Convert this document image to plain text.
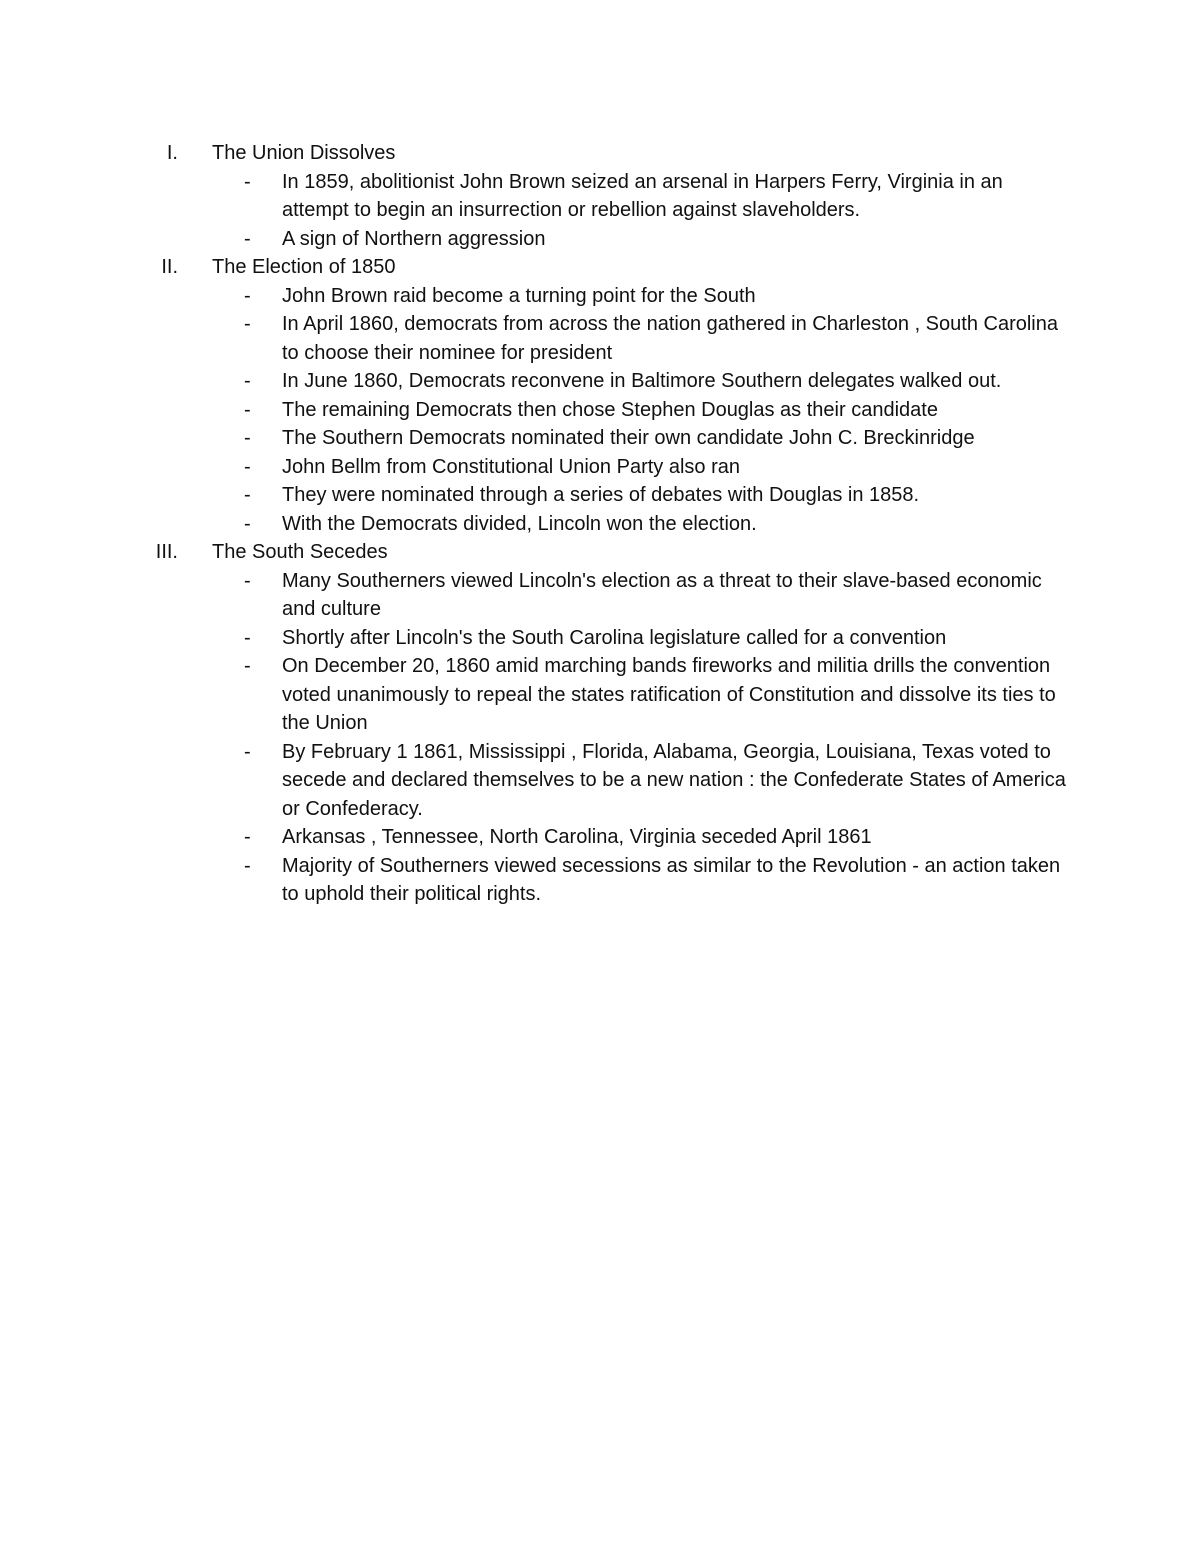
I. The Union Dissolves
- In 1859, abolitionist John Brown seized an arsenal in Harpers Ferry, Virginia in an attempt to begin an insurrection or rebellion against slaveholders.
- A sign of Northern aggression
II. The Election of 1850
- John Brown raid become a turning point for the South
- In April 1860, democrats from across the nation gathered in Charleston , South Carolina to choose their nominee for president
- In June 1860, Democrats reconvene in Baltimore Southern delegates walked out.
- The remaining Democrats then chose Stephen Douglas as their candidate
- The Southern Democrats nominated their own candidate John C. Breckinridge
- John Bellm from Constitutional Union Party also ran
- They were nominated through a series of debates with Douglas in 1858.
- With the Democrats divided, Lincoln won the election.
III. The South Secedes
- Many Southerners viewed Lincoln's election as a threat to their slave-based economic and culture
- Shortly after Lincoln's the South Carolina legislature called for a convention
- On December 20, 1860 amid marching bands fireworks and militia drills the convention voted unanimously to repeal the states ratification of Constitution and dissolve its ties to the Union
- By February 1 1861, Mississippi , Florida, Alabama, Georgia, Louisiana, Texas voted to secede and declared themselves to be a new nation : the Confederate States of America or Confederacy.
- Arkansas , Tennessee, North Carolina, Virginia seceded April 1861
- Majority of Southerners viewed secessions as similar to the Revolution - an action taken to uphold their political rights.
